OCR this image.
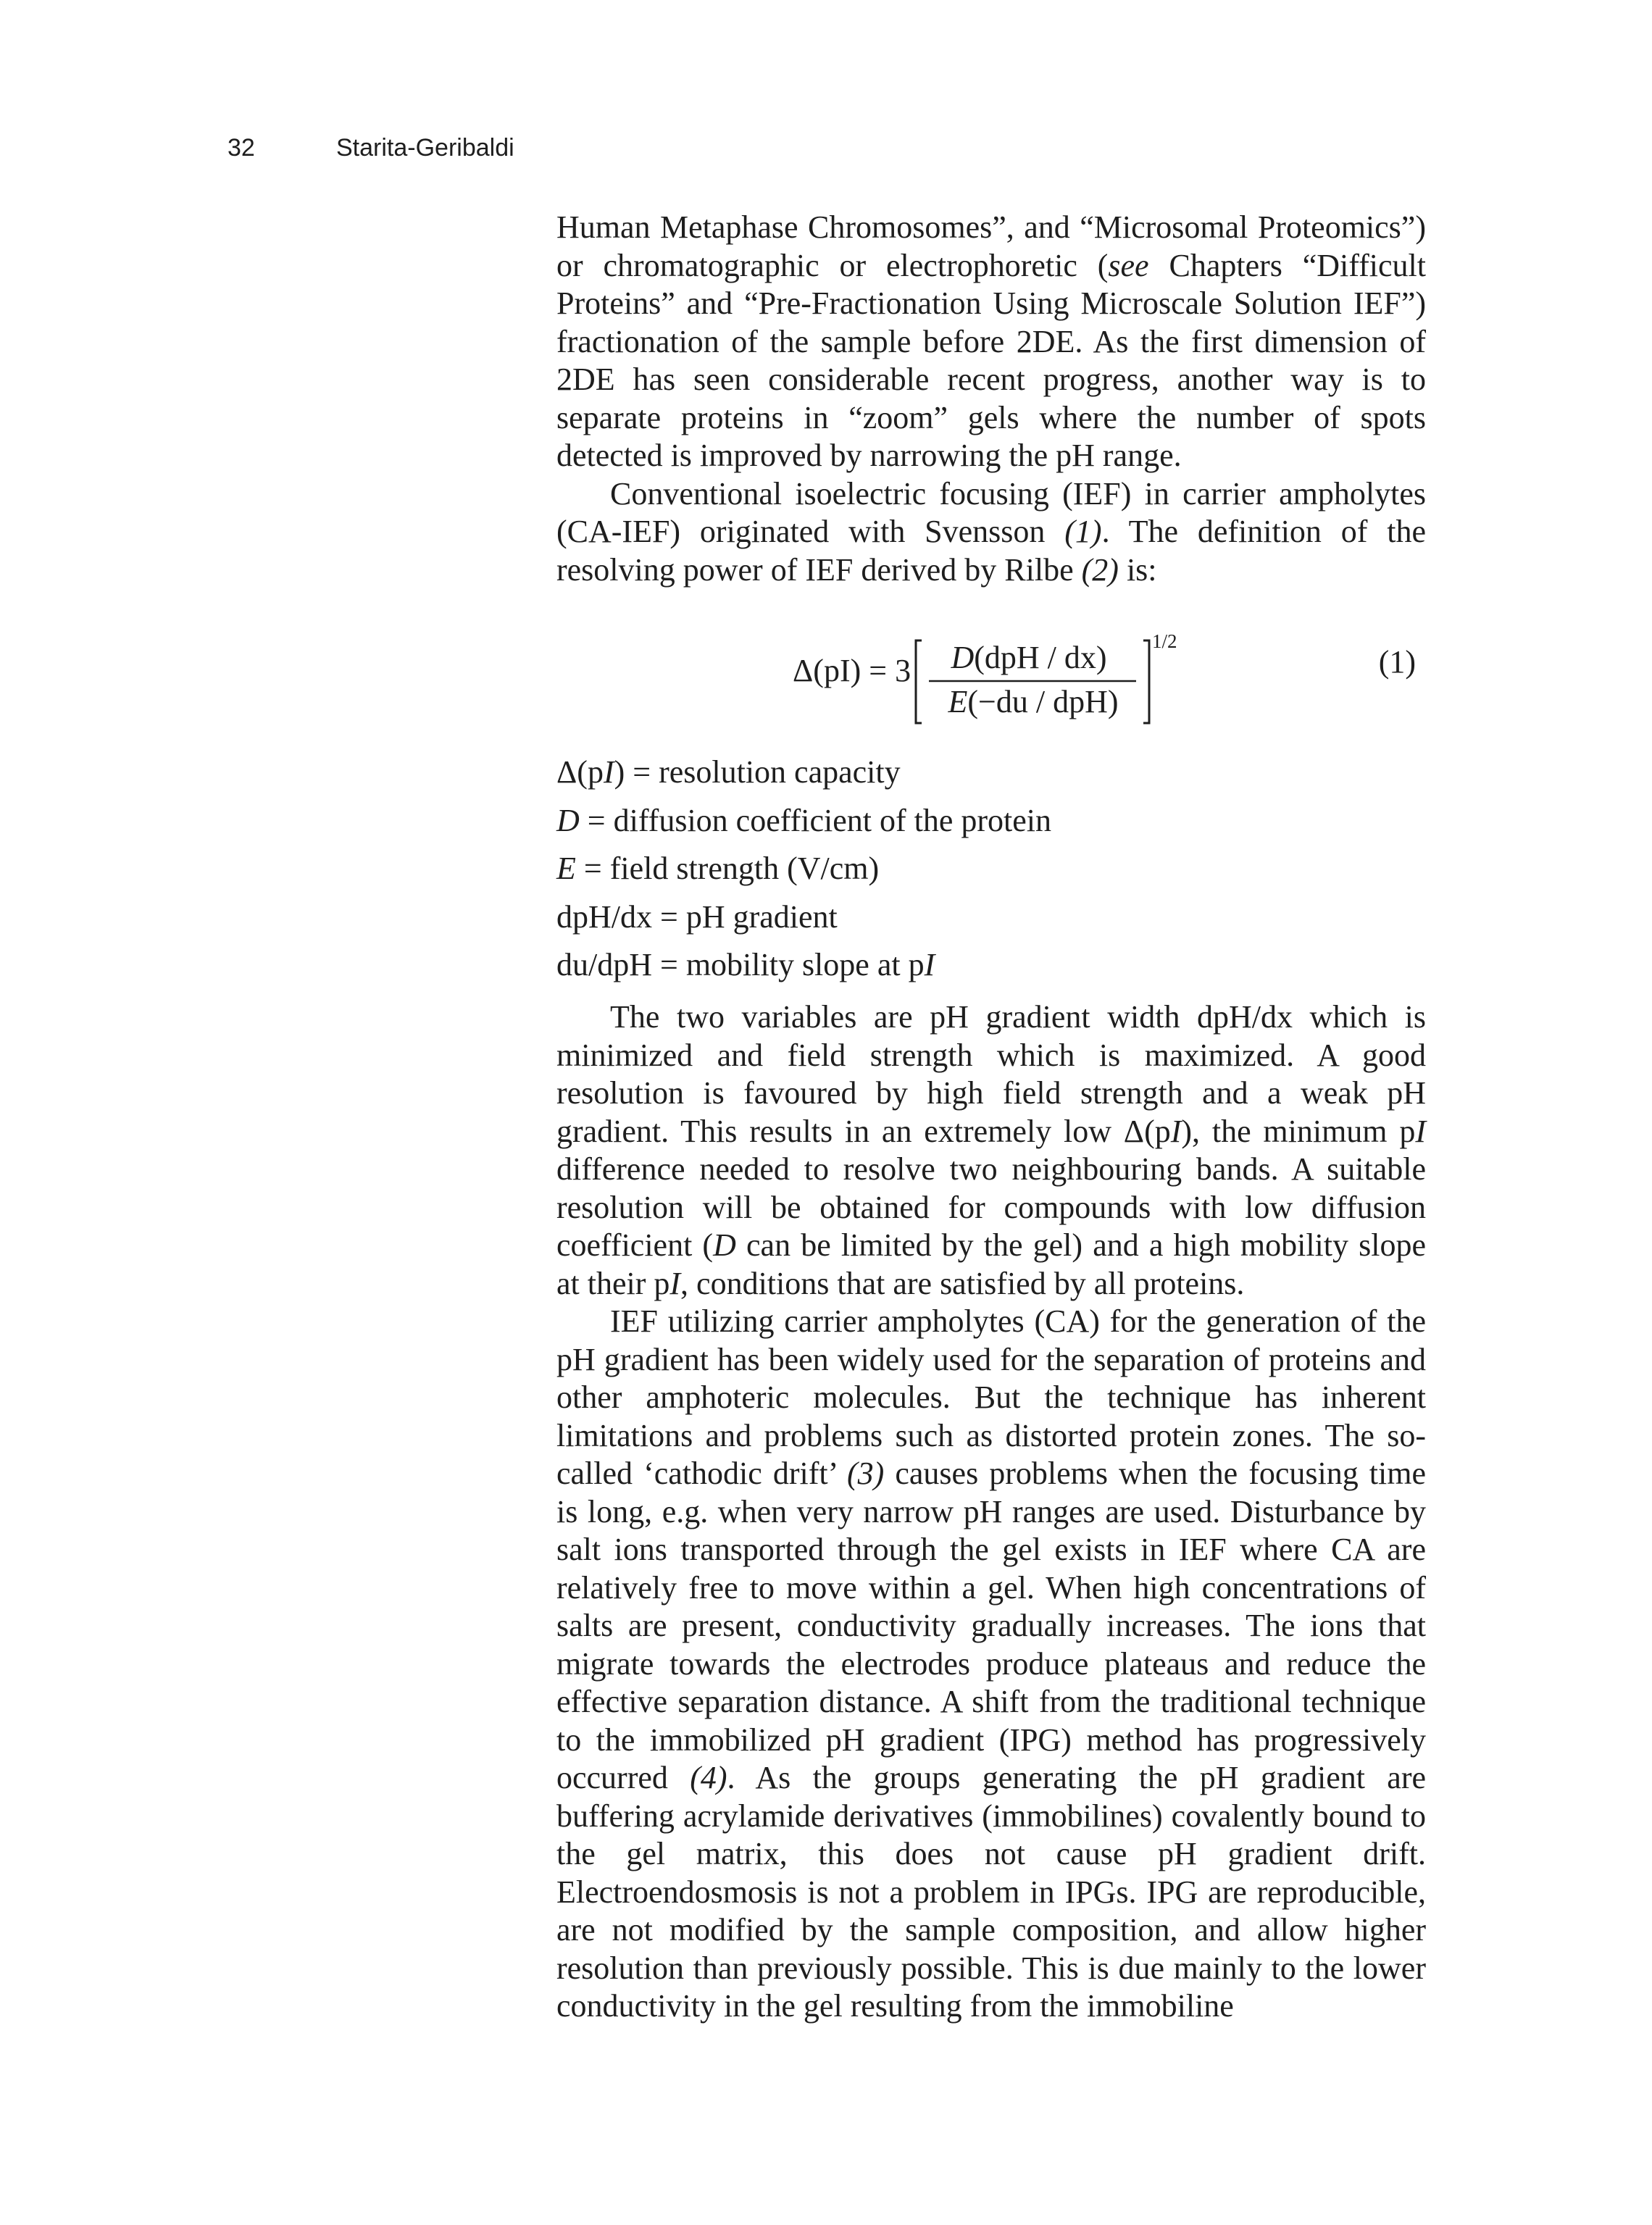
32	Starita-Geribaldi

Human Metaphase Chromosomes”, and “Microsomal Proteomics”) or chromatographic or electrophoretic (see Chapters “Difficult Proteins” and “Pre-Fractionation Using Microscale Solution IEF”) fractionation of the sample before 2DE. As the first dimension of 2DE has seen considerable recent progress, another way is to separate proteins in “zoom” gels where the number of spots detected is improved by narrowing the pH range.

Conventional isoelectric focusing (IEF) in carrier ampholytes (CA-IEF) originated with Svensson (1). The definition of the resolving power of IEF derived by Rilbe (2) is:

Δ(pI) = 3 D(dpH / dx)
E(−du / dpH)
1/2
(1)
Δ(pI) = resolution capacity
D = diffusion coefficient of the protein
E = field strength (V/cm)
dpH/dx = pH gradient
du/dpH = mobility slope at pI

The two variables are pH gradient width dpH/dx which is minimized and field strength which is maximized. A good resolution is favoured by high field strength and a weak pH gradient. This results in an extremely low Δ(pI), the minimum pI difference needed to resolve two neighbouring bands. A suitable resolution will be obtained for compounds with low diffusion coefficient (D can be limited by the gel) and a high mobility slope at their pI, conditions that are satisfied by all proteins.

IEF utilizing carrier ampholytes (CA) for the generation of the pH gradient has been widely used for the separation of proteins and other amphoteric molecules. But the technique has inherent limitations and problems such as distorted protein zones. The so-called ‘cathodic drift’ (3) causes problems when the focusing time is long, e.g. when very narrow pH ranges are used. Disturbance by salt ions transported through the gel exists in IEF where CA are relatively free to move within a gel. When high concentrations of salts are present, conductivity gradually increases. The ions that migrate towards the electrodes produce plateaus and reduce the effective separation distance. A shift from the traditional technique to the immobilized pH gradient (IPG) method has progressively occurred (4). As the groups generating the pH gradient are buffering acrylamide derivatives (immobilines) covalently bound to the gel matrix, this does not cause pH gradient drift. Electroendosmosis is not a problem in IPGs. IPG are reproducible, are not modified by the sample composition, and allow higher resolution than previously possible. This is due mainly to the lower conductivity in the gel resulting from the immobiline
